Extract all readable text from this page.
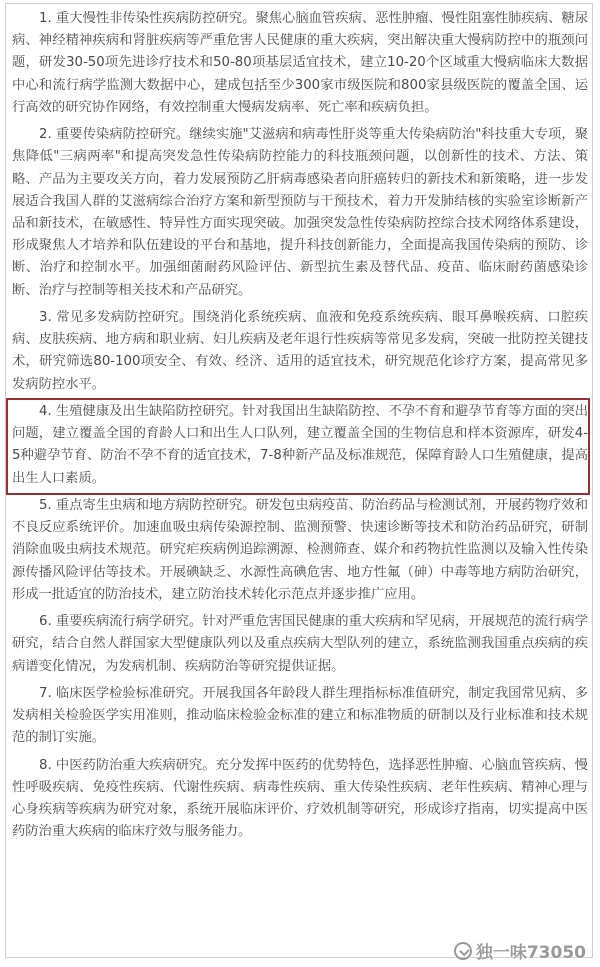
1. 重大慢性非传染性疾病防控研究。聚焦心脑血管疾病、恶性肿瘤、慢性阻塞性肺疾病、糖尿病、神经精神疾病和肾脏疾病等严重危害人民健康的重大疾病，突出解决重大慢病防控中的瓶颈问题，研发30-50项先进诊疗技术和50-80项基层适宜技术，建立10-20个区域重大慢病临床大数据中心和流行病学监测大数据中心，建成包括至少300家市级医院和800家县级医院的覆盖全国、运行高效的研究协作网络，有效控制重大慢病发病率、死亡率和疾病负担。

2. 重要传染病防控研究。继续实施"艾滋病和病毒性肝炎等重大传染病防治"科技重大专项，聚焦降低"三病两率"和提高突发急性传染病防控能力的科技瓶颈问题，以创新性的技术、方法、策略、产品为主要攻关方向，着力发展预防乙肝病毒感染者向肝癌转归的新技术和新策略，进一步发展适合我国人群的艾滋病综合治疗方案和新型预防与干预技术，着力开发肺结核的实验室诊断新产品和新技术，在敏感性、特异性方面实现突破。加强突发急性传染病防控综合技术网络体系建设，形成聚焦人才培养和队伍建设的平台和基地，提升科技创新能力，全面提高我国传染病的预防、诊断、治疗和控制水平。加强细菌耐药风险评估、新型抗生素及替代品、疫苗、临床耐药菌感染诊断、治疗与控制等相关技术和产品研究。

3. 常见多发病防控研究。围绕消化系统疾病、血液和免疫系统疾病、眼耳鼻喉疾病、口腔疾病、皮肤疾病、地方病和职业病、妇儿疾病及老年退行性疾病等常见多发病，突破一批防控关键技术，研究筛选80-100项安全、有效、经济、适用的适宜技术，研究规范化诊疗方案，提高常见多发病防控水平。

4. 生殖健康及出生缺陷防控研究。针对我国出生缺陷防控、不孕不育和避孕节育等方面的突出问题，建立覆盖全国的育龄人口和出生人口队列，建立覆盖全国的生物信息和样本资源库，研发4-5种避孕节育、防治不孕不育的适宜技术，7-8种新产品及标准规范，保障育龄人口生殖健康，提高出生人口素质。

5. 重点寄生虫病和地方病防控研究。研发包虫病疫苗、防治药品与检测试剂，开展药物疗效和不良反应系统评价。加速血吸虫病传染源控制、监测预警、快速诊断等技术和防治药品研究，研制消除血吸虫病技术规范。研究疟疾病例追踪溯源、检测筛查、媒介和药物抗性监测以及输入性传染源传播风险评估等技术。开展碘缺乏、水源性高碘危害、地方性氟（砷）中毒等地方病防治研究，形成一批适宜的防治技术，建立防治技术转化示范点并逐步推广应用。

6. 重要疾病流行病学研究。针对严重危害国民健康的重大疾病和罕见病，开展规范的流行病学研究，结合自然人群国家大型健康队列以及重点疾病大型队列的建立，系统监测我国重点疾病的疾病谱变化情况，为发病机制、疾病防治等研究提供证据。

7. 临床医学检验标准研究。开展我国各年龄段人群生理指标标准值研究，制定我国常见病、多发病相关检验医学实用准则，推动临床检验金标准的建立和标准物质的研制以及行业标准和技术规范的制订实施。

8. 中医药防治重大疾病研究。充分发挥中医药的优势特色，选择恶性肿瘤、心脑血管疾病、慢性呼吸疾病、免疫性疾病、代谢性疾病、病毒性疾病、重大传染性疾病、老年性疾病、精神心理与心身疾病等疾病为研究对象，系统开展临床评价、疗效机制等研究，形成诊疗指南，切实提高中医药防治重大疾病的临床疗效与服务能力。

独一味73050
